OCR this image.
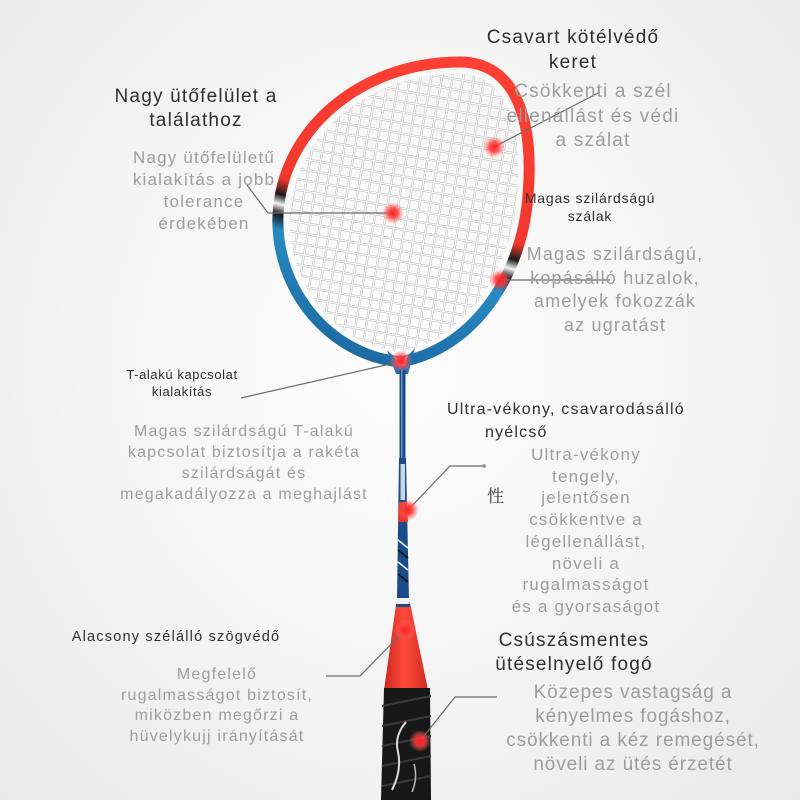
Csavart kötélvédő
keret
Csökkenti a szél
ellenállást és védi
a szálat
Nagy ütőfelület a
találathoz
Nagy ütőfelületű
kialakítás a jobb
tolerance
érdekében
Magas szilárdságú
szálak
Magas szilárdságú,
kopásálló huzalok,
amelyek fokozzák
az ugratást
T-alakú kapcsolat
kialakítás
Magas szilárdságú T-alakú
kapcsolat biztosítja a rakéta
szilárdságát és
megakadályozza a meghajlást
Ultra-vékony, csavarodásálló
nyélcső
Ultra-vékony
tengely,
jelentősen
csökkentve a
légellenállást,
növeli a
rugalmasságot
és a gyorsaságot
性
Alacsony szélálló szögvédő
Megfelelő
rugalmasságot biztosít,
miközben megőrzi a
hüvelykujj irányítását
Csúszásmentes
ütéselnyelő fogó
Közepes vastagság a
kényelmes fogáshoz,
csökkenti a kéz remegését,
növeli az ütés érzetét
